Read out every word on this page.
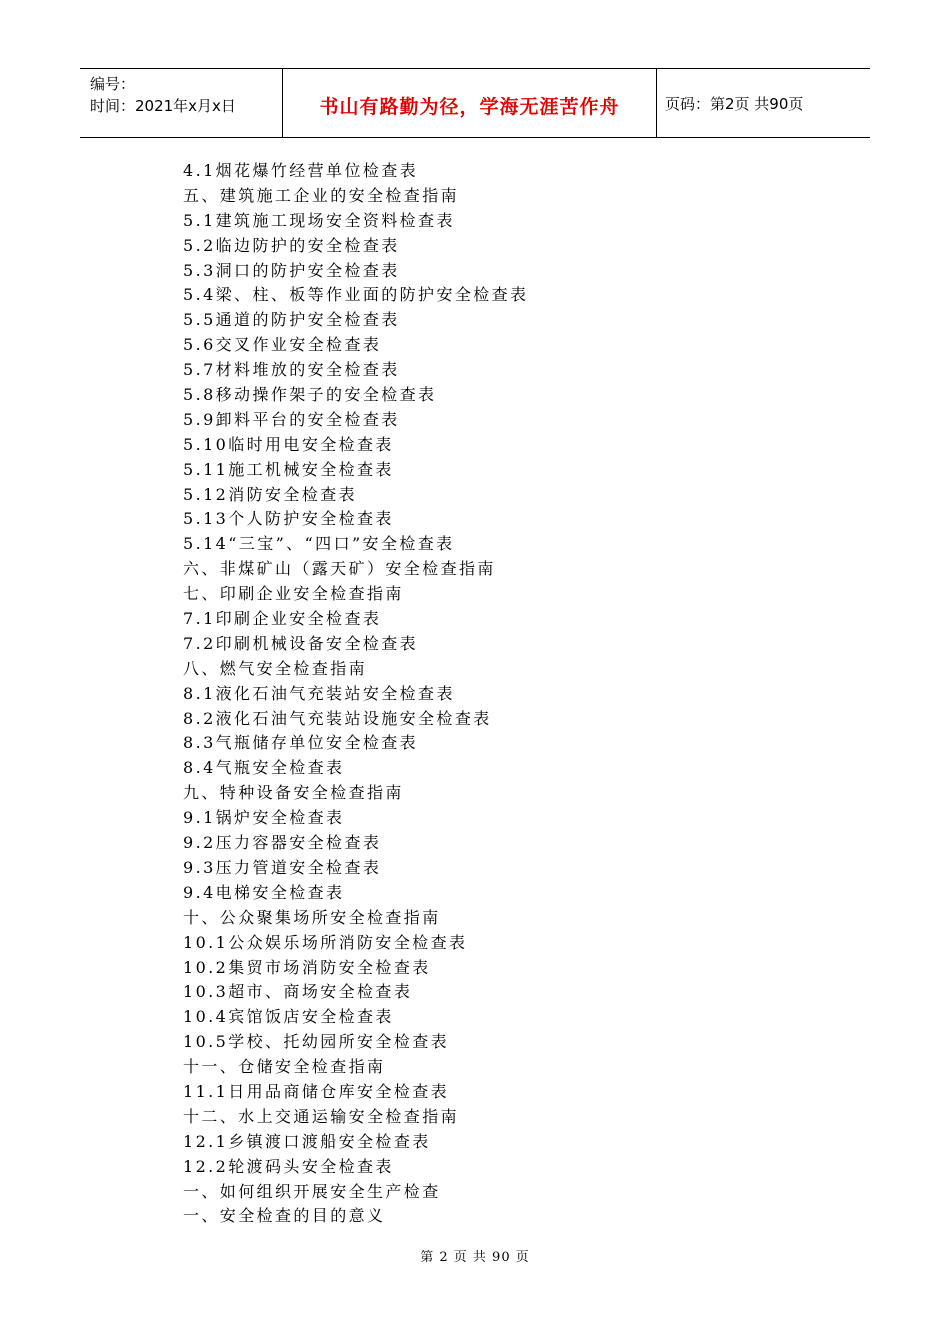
编号：
时间：2021年x月x日	书山有路勤为径，学海无涯苦作舟	页码：第2页 共90页
4.1烟花爆竹经营单位检查表
五、建筑施工企业的安全检查指南
5.1建筑施工现场安全资料检查表
5.2临边防护的安全检查表
5.3洞口的防护安全检查表
5.4梁、柱、板等作业面的防护安全检查表
5.5通道的防护安全检查表
5.6交叉作业安全检查表
5.7材料堆放的安全检查表
5.8移动操作架子的安全检查表
5.9卸料平台的安全检查表
5.10临时用电安全检查表
5.11施工机械安全检查表
5.12消防安全检查表
5.13个人防护安全检查表
5.14“三宝”、“四口”安全检查表
六、非煤矿山（露天矿）安全检查指南
七、印刷企业安全检查指南
7.1印刷企业安全检查表
7.2印刷机械设备安全检查表
八、燃气安全检查指南
8.1液化石油气充装站安全检查表
8.2液化石油气充装站设施安全检查表
8.3气瓶储存单位安全检查表
8.4气瓶安全检查表
九、特种设备安全检查指南
9.1锅炉安全检查表
9.2压力容器安全检查表
9.3压力管道安全检查表
9.4电梯安全检查表
十、公众聚集场所安全检查指南
10.1公众娱乐场所消防安全检查表
10.2集贸市场消防安全检查表
10.3超市、商场安全检查表
10.4宾馆饭店安全检查表
10.5学校、托幼园所安全检查表
十一、仓储安全检查指南
11.1日用品商储仓库安全检查表
十二、水上交通运输安全检查指南
12.1乡镇渡口渡船安全检查表
12.2轮渡码头安全检查表
一、如何组织开展安全生产检查
一、安全检查的目的意义
第 2 页 共 90 页
